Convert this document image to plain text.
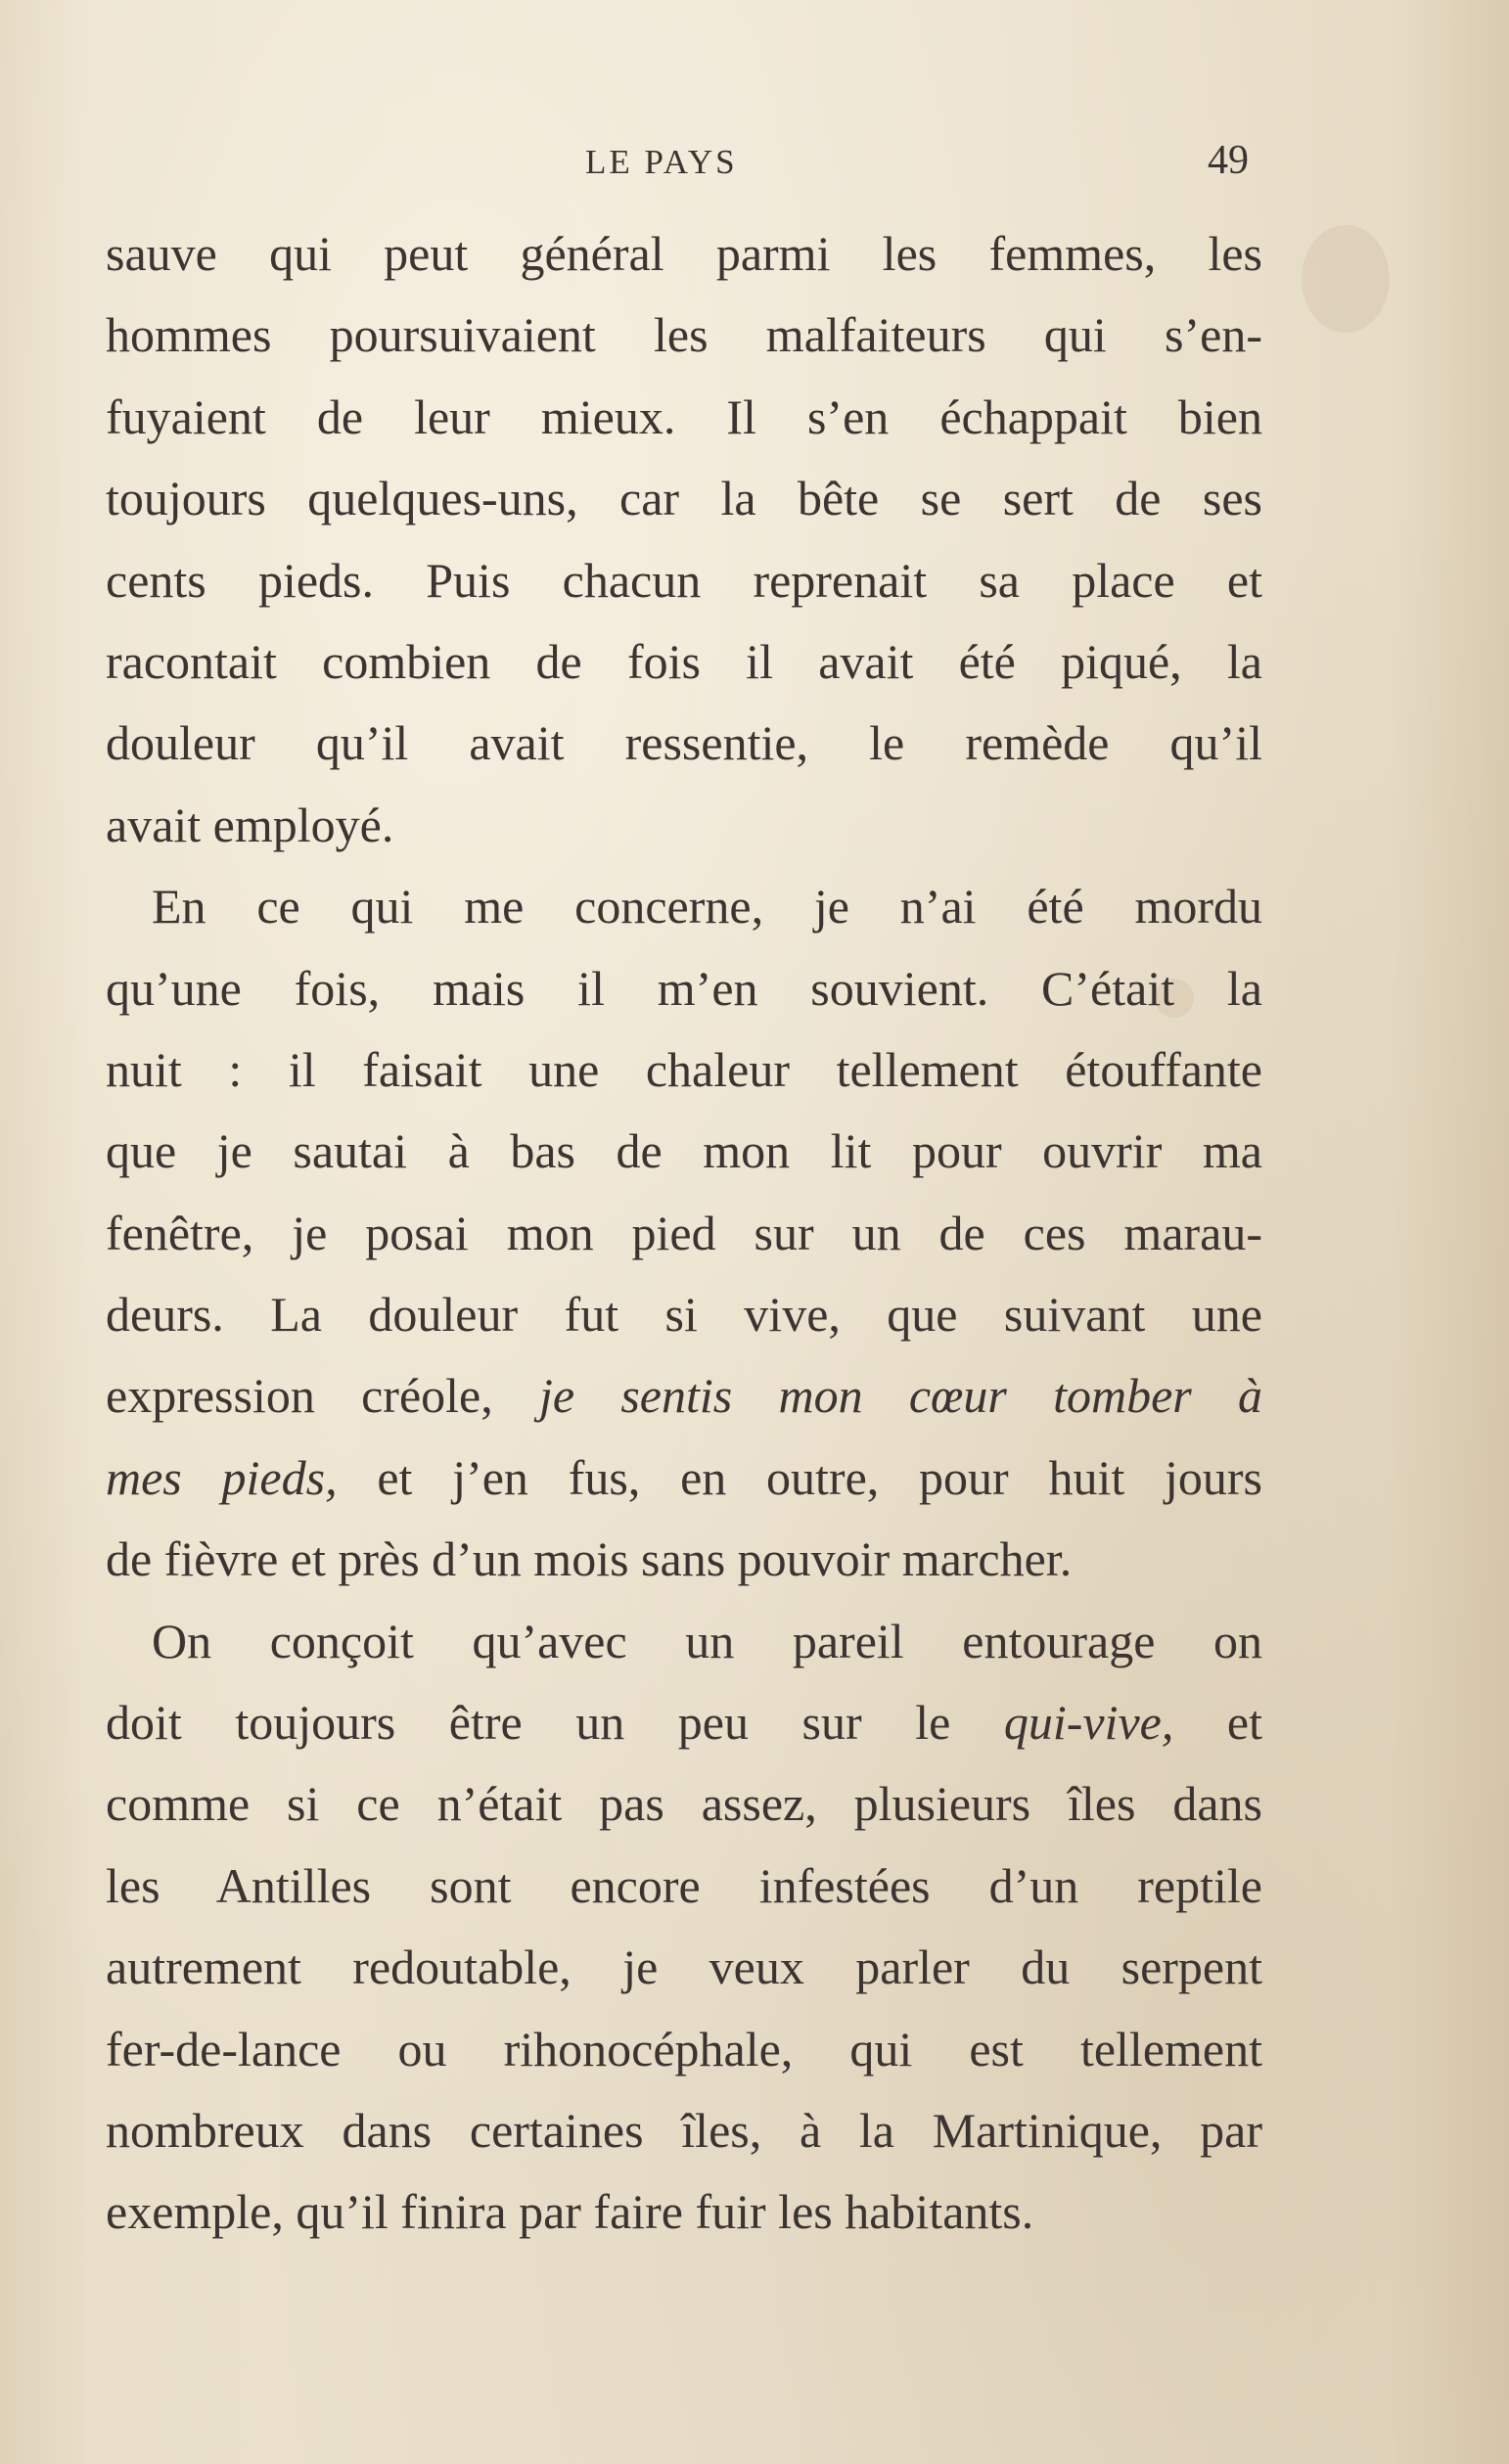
LE PAYS	49
sauve qui peut général parmi les femmes, les
hommes poursuivaient les malfaiteurs qui s’en-
fuyaient de leur mieux. Il s’en échappait bien
toujours quelques-uns, car la bête se sert de ses
cents pieds. Puis chacun reprenait sa place et
racontait combien de fois il avait été piqué, la
douleur qu’il avait ressentie, le remède qu’il
avait employé.
En ce qui me concerne, je n’ai été mordu
qu’une fois, mais il m’en souvient. C’était la
nuit : il faisait une chaleur tellement étouffante
que je sautai à bas de mon lit pour ouvrir ma
fenêtre, je posai mon pied sur un de ces marau-
deurs. La douleur fut si vive, que suivant une
expression créole, je sentis mon cœur tomber à
mes pieds, et j’en fus, en outre, pour huit jours
de fièvre et près d’un mois sans pouvoir marcher.
On conçoit qu’avec un pareil entourage on
doit toujours être un peu sur le qui-vive, et
comme si ce n’était pas assez, plusieurs îles dans
les Antilles sont encore infestées d’un reptile
autrement redoutable, je veux parler du serpent
fer-de-lance ou rihonocéphale, qui est tellement
nombreux dans certaines îles, à la Martinique, par
exemple, qu’il finira par faire fuir les habitants.
